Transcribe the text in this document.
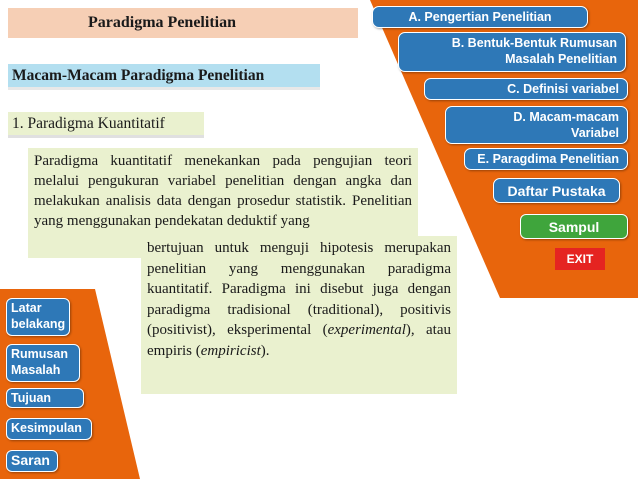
Paradigma Penelitian
Macam-Macam Paradigma Penelitian
1. Paradigma Kuantitatif
Paradigma kuantitatif menekankan pada pengujian teori melalui pengukuran variabel penelitian dengan angka dan melakukan analisis data dengan prosedur statistik. Penelitian yang menggunakan pendekatan deduktif yang
bertujuan untuk menguji hipotesis merupakan penelitian yang menggunakan paradigma kuantitatif. Paradigma ini disebut juga dengan paradigma tradisional (traditional), positivis (positivist), eksperimental (experimental), atau empiris (empiricist).
A. Pengertian Penelitian
B. Bentuk-Bentuk Rumusan
Masalah Penelitian
C. Definisi variabel
D. Macam-macam
Variabel
E. Paragdima Penelitian
Daftar Pustaka
Sampul
EXIT
Latar
belakang
Rumusan
Masalah
Tujuan
Kesimpulan
Saran
